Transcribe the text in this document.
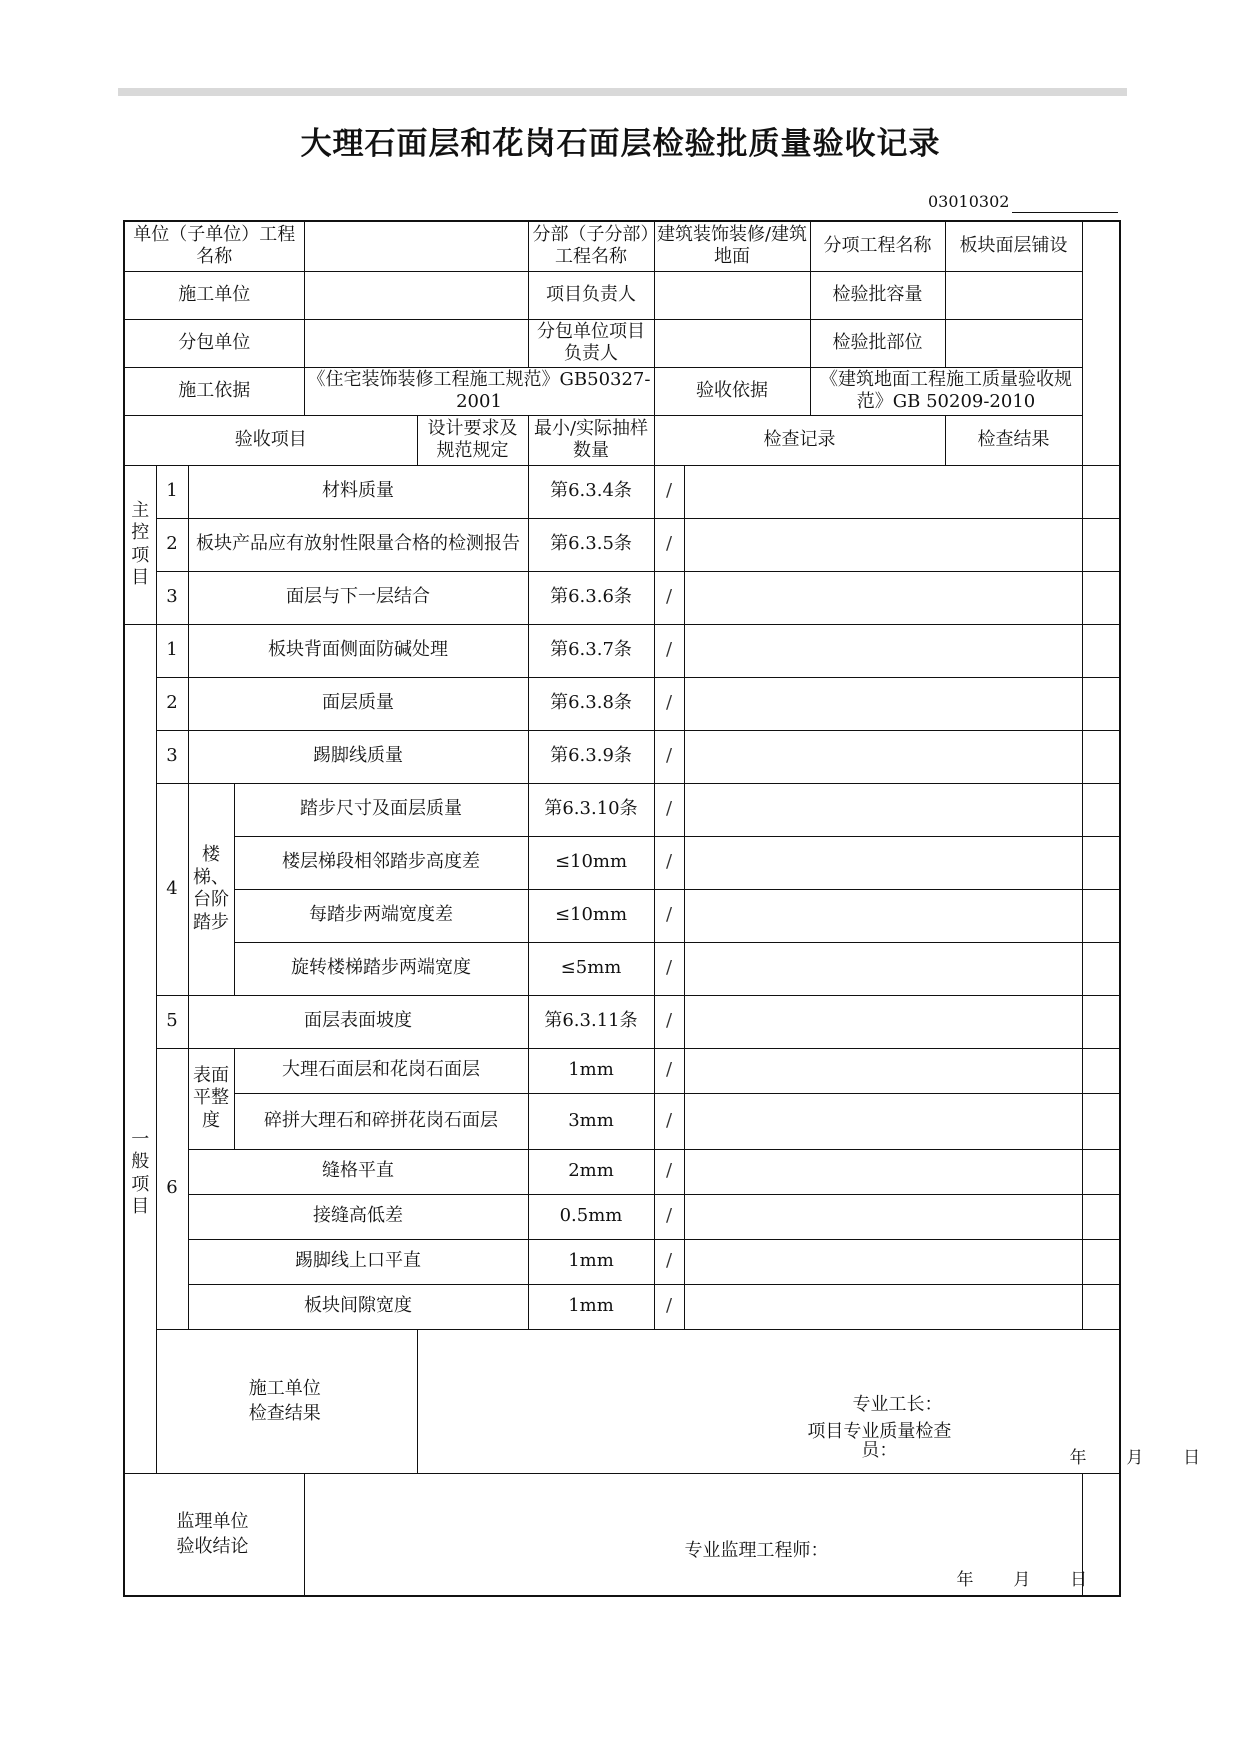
大理石面层和花岗石面层检验批质量验收记录
03010302
单位（子单位）工程名称						分部（子分部）工程名称	建筑装饰装修/建筑地面		分项工程名称	板块面层铺设	
施工单位						项目负责人			检验批容量		
分包单位						分包单位项目负责人			检验批部位		
施工依据				《住宅装饰装修工程施工规范》GB50327-2001			验收依据		《建筑地面工程施工质量验收规范》GB 50209-2010		
验收项目					设计要求及规范规定	最小/实际抽样数量	检查记录			检查结果	
主控项目	1	材料质量				第6.3.4条	/				
	2	板块产品应有放射性限量合格的检测报告				第6.3.5条	/				
	3	面层与下一层结合				第6.3.6条	/				
一般项目	1	板块背面侧面防碱处理				第6.3.7条	/				
	2	面层质量				第6.3.8条	/				
	3	踢脚线质量				第6.3.9条	/				
	4	楼梯、台阶踏步	踏步尺寸及面层质量			第6.3.10条	/				
			楼层梯段相邻踏步高度差			≤10mm	/				
			每踏步两端宽度差			≤10mm	/				
			旋转楼梯踏步两端宽度			≤5mm	/				
	5	面层表面坡度				第6.3.11条	/				
	6	表面平整度	大理石面层和花岗石面层			1mm	/				
			碎拼大理石和碎拼花岗石面层			3mm	/				
		缝格平直				2mm	/				
		接缝高低差				0.5mm	/				
		踢脚线上口平直				1mm	/				
		板块间隙宽度				1mm	/				
	施工单位检查结果				专业工长：
项目专业质量检查员： 年 月 日						

监理单位验收结论				专业监理工程师：
年 月 日							
